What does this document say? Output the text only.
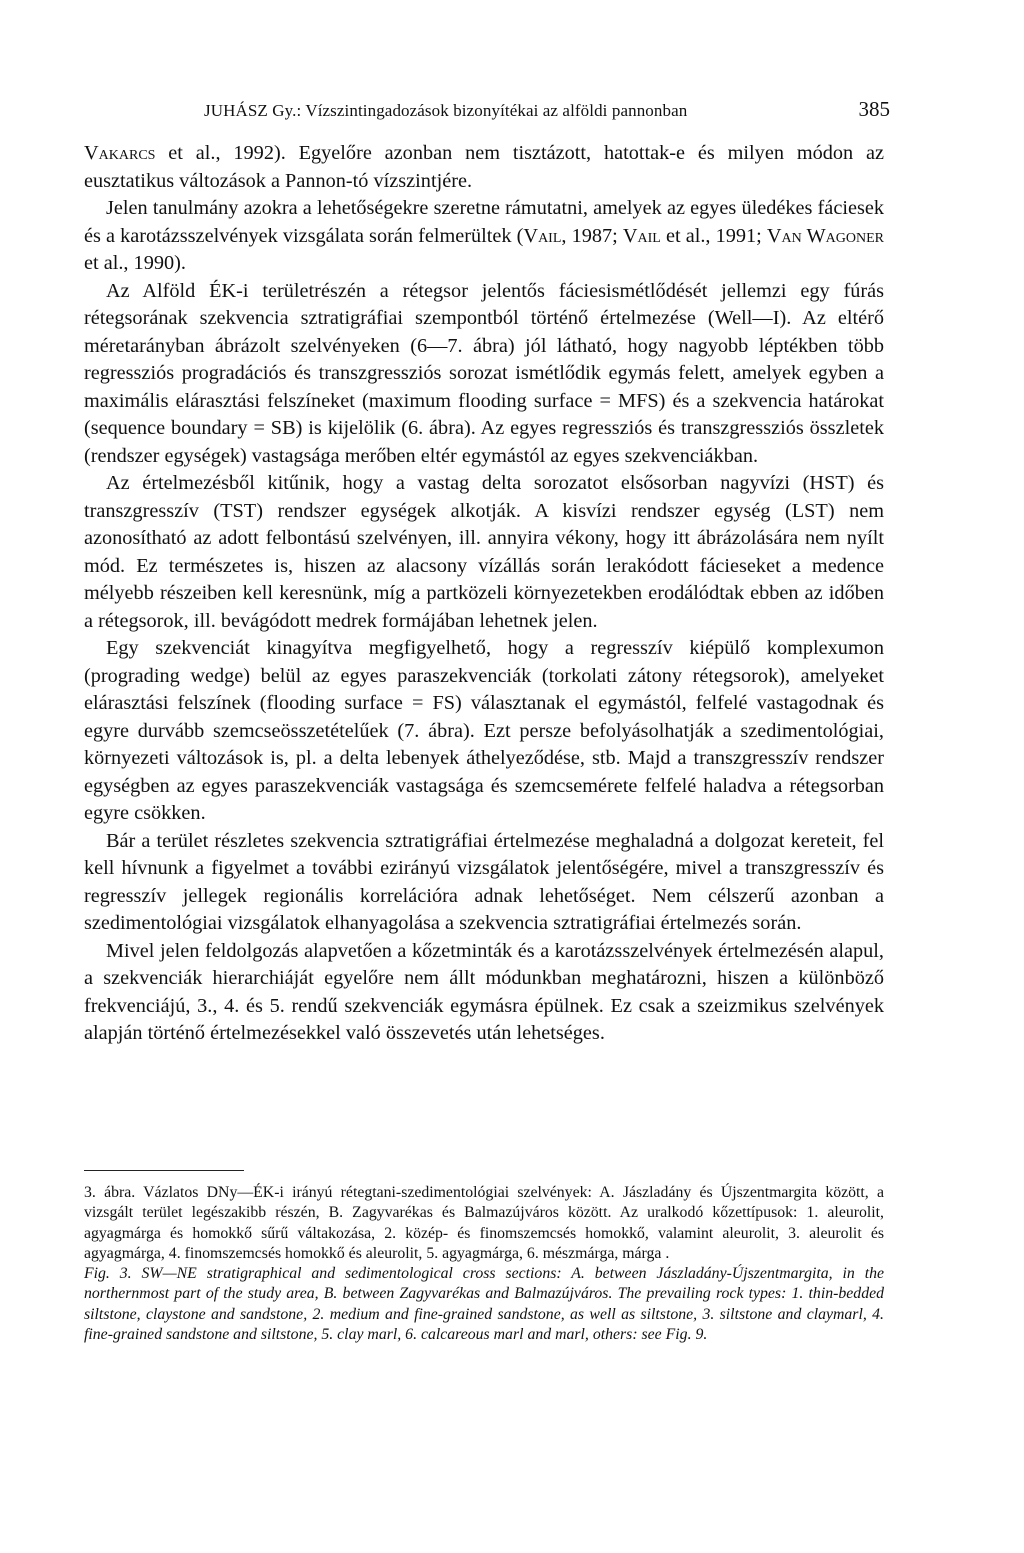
JUHÁSZ Gy.: Vízszintingadozások bizonyítékai az alföldi pannonban	385

Vakarcs et al., 1992). Egyelőre azonban nem tisztázott, hatottak-e és milyen módon az eusztatikus változások a Pannon-tó vízszintjére.

Jelen tanulmány azokra a lehetőségekre szeretne rámutatni, amelyek az egyes üledékes fáciesek és a karotázsszelvények vizsgálata során felmerültek (Vail, 1987; Vail et al., 1991; Van Wagoner et al., 1990).

Az Alföld ÉK-i területrészén a rétegsor jelentős fáciesismétlődését jellemzi egy fúrás rétegsorának szekvencia sztratigráfiai szempontból történő értelmezése (Well—I). Az eltérő méretarányban ábrázolt szelvényeken (6—7. ábra) jól látható, hogy nagyobb léptékben több regressziós progradációs és transzgressziós sorozat ismétlődik egymás felett, amelyek egyben a maximális elárasztási felszíneket (maximum flooding surface = MFS) és a szekvencia határokat (sequence boundary = SB) is kijelölik (6. ábra). Az egyes regressziós és transzgressziós összletek (rendszer egységek) vastagsága merőben eltér egymástól az egyes szekvenciákban.

Az értelmezésből kitűnik, hogy a vastag delta sorozatot elsősorban nagyvízi (HST) és transzgresszív (TST) rendszer egységek alkotják. A kisvízi rendszer egység (LST) nem azonosítható az adott felbontású szelvényen, ill. annyira vékony, hogy itt ábrázolására nem nyílt mód. Ez természetes is, hiszen az alacsony vízállás során lerakódott fácieseket a medence mélyebb részeiben kell keresnünk, míg a partközeli környezetekben erodálódtak ebben az időben a rétegsorok, ill. bevágódott medrek formájában lehetnek jelen.

Egy szekvenciát kinagyítva megfigyelhető, hogy a regresszív kiépülő komplexumon (prograding wedge) belül az egyes paraszekvenciák (torkolati zátony rétegsorok), amelyeket elárasztási felszínek (flooding surface = FS) választanak el egymástól, felfelé vastagodnak és egyre durvább szemcseösszetételűek (7. ábra). Ezt persze befolyásolhatják a szedimentológiai, környezeti változások is, pl. a delta lebenyek áthelyeződése, stb. Majd a transzgresszív rendszer egységben az egyes paraszekvenciák vastagsága és szemcsemérete felfelé haladva a rétegsorban egyre csökken.

Bár a terület részletes szekvencia sztratigráfiai értelmezése meghaladná a dolgozat kereteit, fel kell hívnunk a figyelmet a további ezirányú vizsgálatok jelentőségére, mivel a transzgresszív és regresszív jellegek regionális korrelációra adnak lehetőséget. Nem célszerű azonban a szedimentológiai vizsgálatok elhanyagolása a szekvencia sztratigráfiai értelmezés során.

Mivel jelen feldolgozás alapvetően a kőzetminták és a karotázsszelvények értelmezésén alapul, a szekvenciák hierarchiáját egyelőre nem állt módunkban meghatározni, hiszen a különböző frekvenciájú, 3., 4. és 5. rendű szekvenciák egymásra épülnek. Ez csak a szeizmikus szelvények alapján történő értelmezésekkel való összevetés után lehetséges.

3. ábra. Vázlatos DNy—ÉK-i irányú rétegtani-szedimentológiai szelvények: A. Jászladány és Újszentmargita között, a vizsgált terület legészakibb részén, B. Zagyvarékas és Balmazújváros között. Az uralkodó kőzettípusok: 1. aleurolit, agyagmárga és homokkő sűrű váltakozása, 2. közép- és finomszemcsés homokkő, valamint aleurolit, 3. aleurolit és agyagmárga, 4. finomszemcsés homokkő és aleurolit, 5. agyagmárga, 6. mészmárga, márga .

Fig. 3. SW—NE stratigraphical and sedimentological cross sections: A. between Jászladány-Újszentmargita, in the northernmost part of the study area, B. between Zagyvarékas and Balmazújváros. The prevailing rock types: 1. thin-bedded siltstone, claystone and sandstone, 2. medium and fine-grained sandstone, as well as siltstone, 3. siltstone and claymarl, 4. fine-grained sandstone and siltstone, 5. clay marl, 6. calcareous marl and marl, others: see Fig. 9.
